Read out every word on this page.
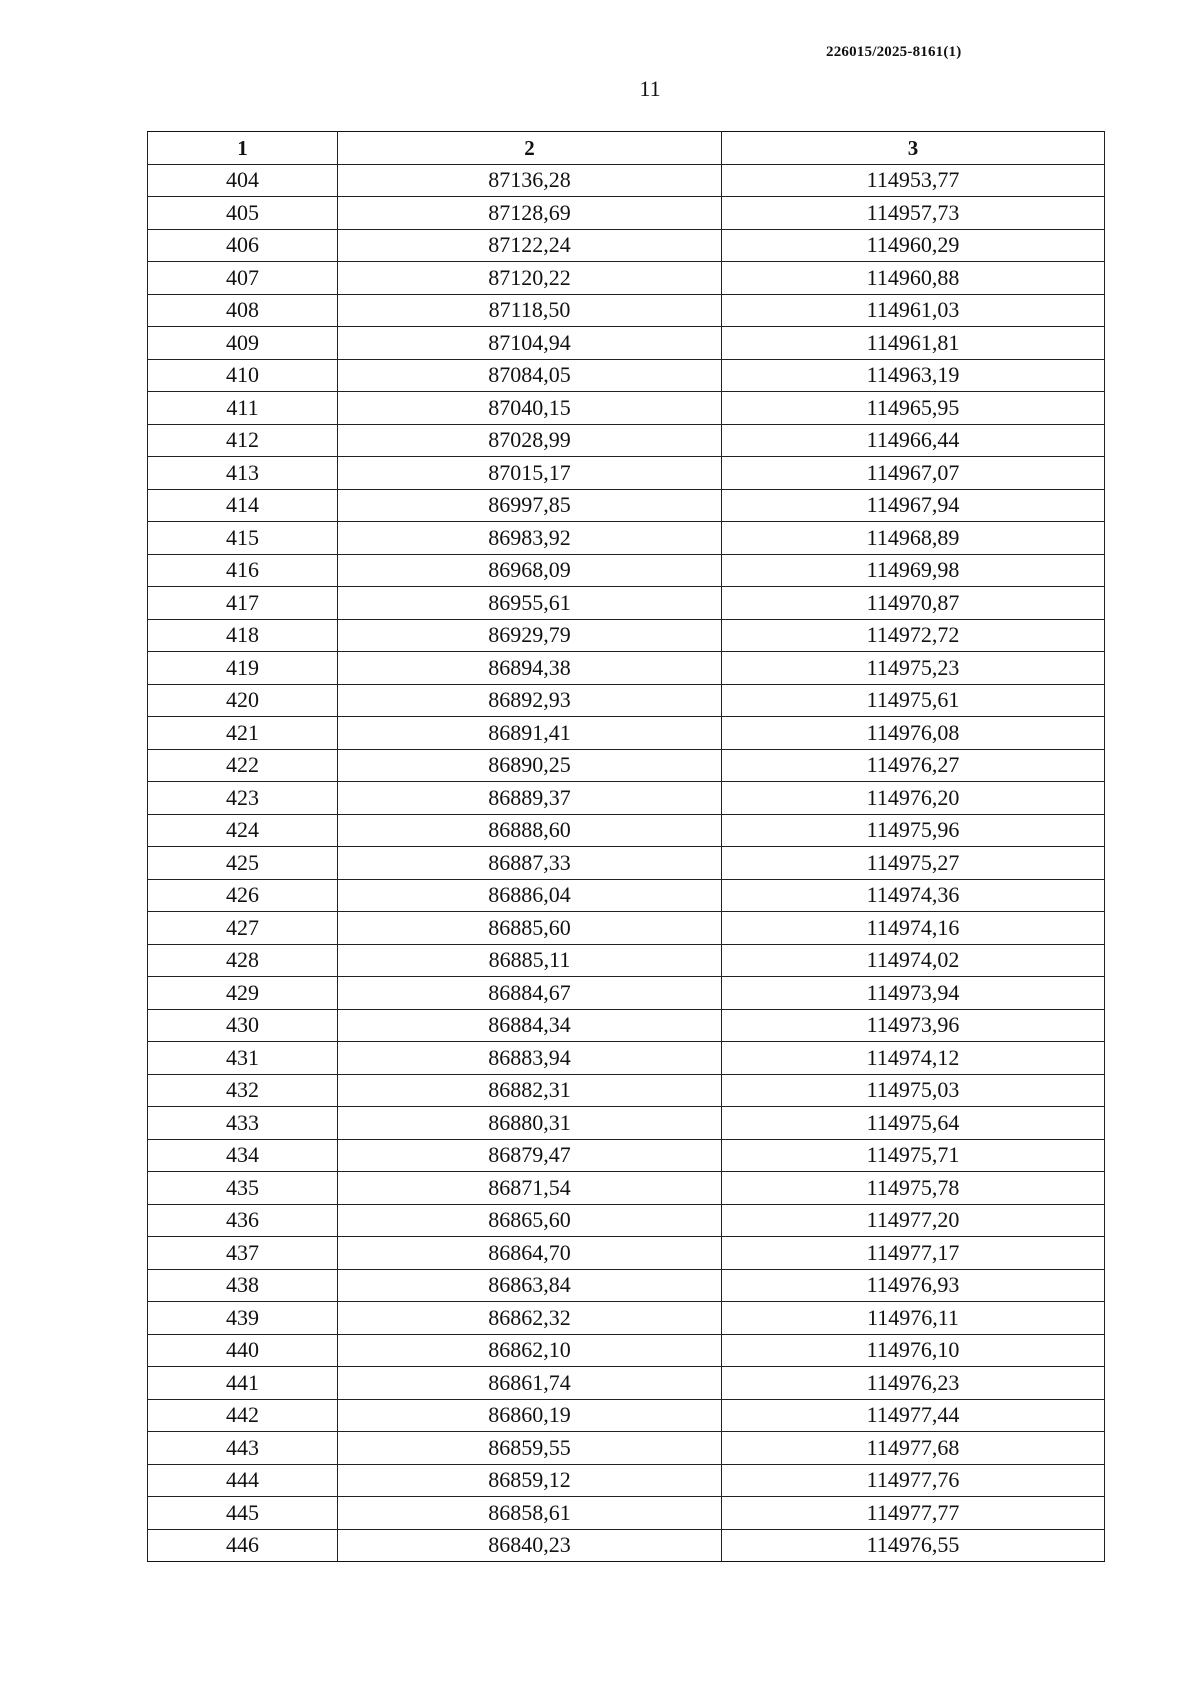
226015/2025-8161(1)
11
1	2	3
404	87136,28	114953,77
405	87128,69	114957,73
406	87122,24	114960,29
407	87120,22	114960,88
408	87118,50	114961,03
409	87104,94	114961,81
410	87084,05	114963,19
411	87040,15	114965,95
412	87028,99	114966,44
413	87015,17	114967,07
414	86997,85	114967,94
415	86983,92	114968,89
416	86968,09	114969,98
417	86955,61	114970,87
418	86929,79	114972,72
419	86894,38	114975,23
420	86892,93	114975,61
421	86891,41	114976,08
422	86890,25	114976,27
423	86889,37	114976,20
424	86888,60	114975,96
425	86887,33	114975,27
426	86886,04	114974,36
427	86885,60	114974,16
428	86885,11	114974,02
429	86884,67	114973,94
430	86884,34	114973,96
431	86883,94	114974,12
432	86882,31	114975,03
433	86880,31	114975,64
434	86879,47	114975,71
435	86871,54	114975,78
436	86865,60	114977,20
437	86864,70	114977,17
438	86863,84	114976,93
439	86862,32	114976,11
440	86862,10	114976,10
441	86861,74	114976,23
442	86860,19	114977,44
443	86859,55	114977,68
444	86859,12	114977,76
445	86858,61	114977,77
446	86840,23	114976,55
